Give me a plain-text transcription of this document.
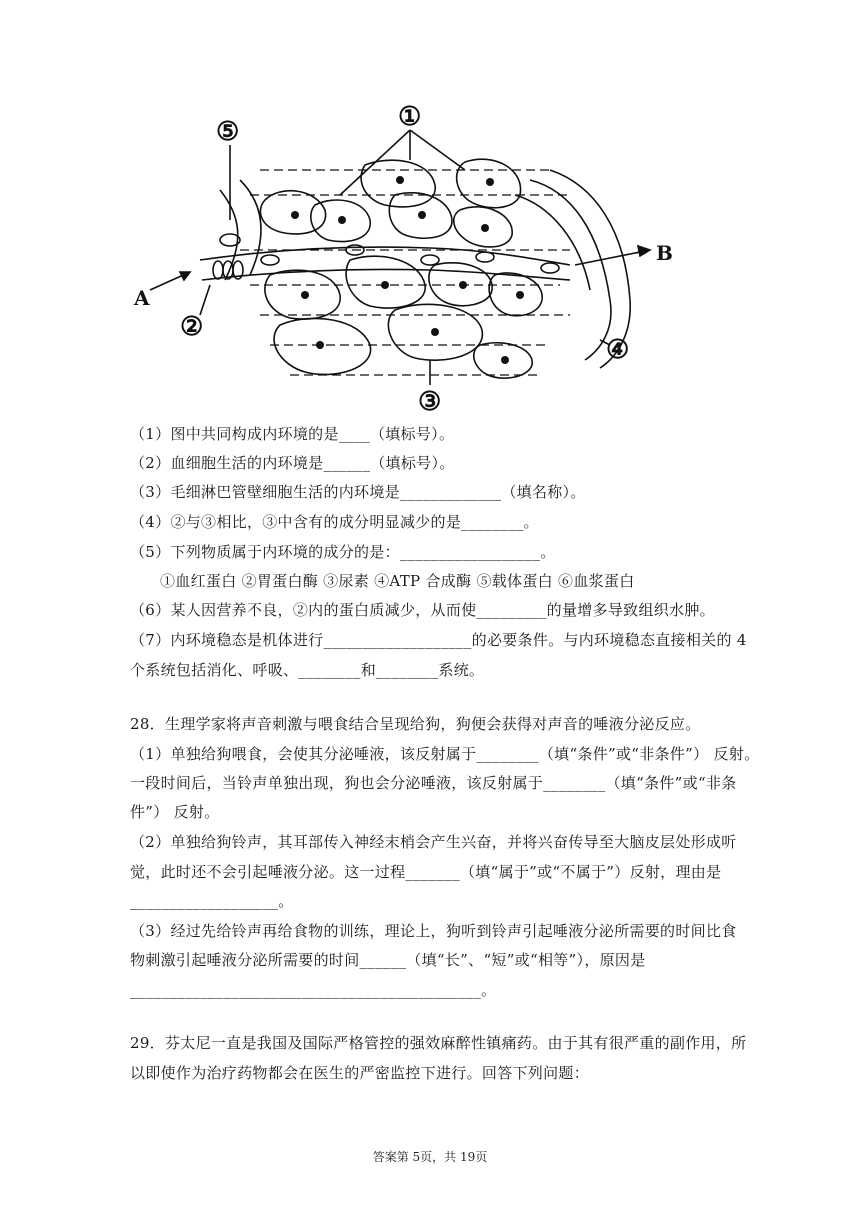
①
⑤
②
③
④
A
B
（1）图中共同构成内环境的是____（填标号）。
（2）血细胞生活的内环境是______（填标号）。
（3）毛细淋巴管壁细胞生活的内环境是_____________（填名称）。
（4）②与③相比，③中含有的成分明显减少的是________。
（5）下列物质属于内环境的成分的是：__________________。
①血红蛋白 ②胃蛋白酶 ③尿素 ④ATP 合成酶 ⑤载体蛋白 ⑥血浆蛋白
（6）某人因营养不良，②内的蛋白质减少，从而使_________的量增多导致组织水肿。
（7）内环境稳态是机体进行___________________的必要条件。与内环境稳态直接相关的 4
个系统包括消化、呼吸、________和________系统。
28．生理学家将声音刺激与喂食结合呈现给狗，狗便会获得对声音的唾液分泌反应。
（1）单独给狗喂食，会使其分泌唾液，该反射属于________（填“条件”或“非条件”） 反射。
一段时间后，当铃声单独出现，狗也会分泌唾液，该反射属于________（填“条件”或“非条
件”） 反射。
（2）单独给狗铃声，其耳部传入神经末梢会产生兴奋，并将兴奋传导至大脑皮层处形成听
觉，此时还不会引起唾液分泌。这一过程_______（填“属于”或“不属于”）反射，理由是
___________________。
（3）经过先给铃声再给食物的训练，理论上，狗听到铃声引起唾液分泌所需要的时间比食
物刺激引起唾液分泌所需要的时间______（填“长”、“短”或“相等”），原因是
_____________________________________________。
29．芬太尼一直是我国及国际严格管控的强效麻醉性镇痛药。由于其有很严重的副作用，所
以即使作为治疗药物都会在医生的严密监控下进行。回答下列问题：
答案第 5页，共 19页
